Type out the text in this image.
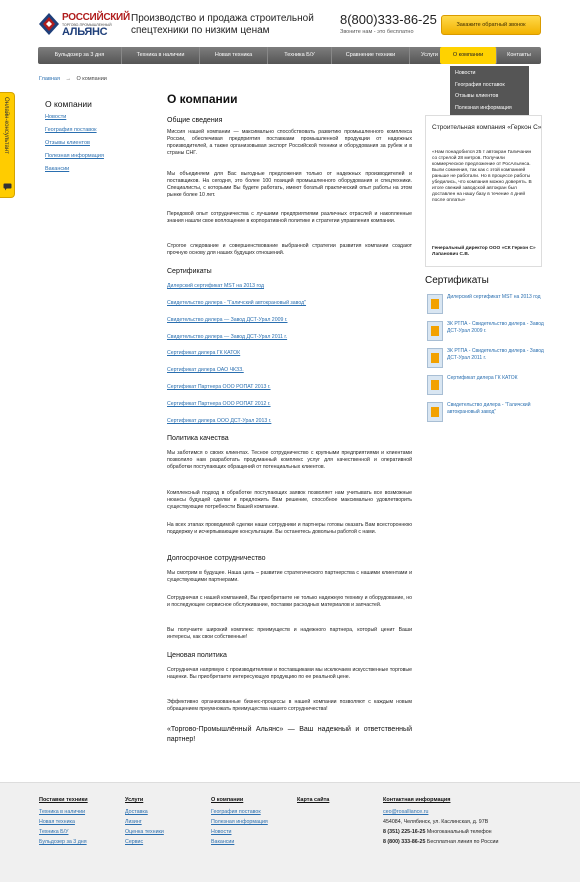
РОССИЙСКИЙ
ТОРГОВО-ПРОМЫШЛЕННЫЙ
АЛЬЯНС
Производство и продажа строительной спецтехники по низким ценам
8(800)333-86-25
Звоните нам - это бесплатно
Закажите обратный звонок
Бульдозер за 3 дня	Техника в наличии	Новая техника	Техника Б/У	Сравнение техники	Услуги	О компании	Контакты
Новости
География поставок
Отзывы клиентов
Полезная информация
Онлайн-консультант
Главная → О компании
О компании
Новости
География поставок
Отзывы клиентов
Полезная информация
Вакансии
О компании
Общие сведения
Миссия нашей компании — максимально способствовать развитию промышленного комплекса России, обеспечивая предприятия поставками промышленной продукции от надежных производителей, а также организовывая экспорт Российской техники и оборудования за рубеж и в страны СНГ.
Мы объединяем для Вас выгодные предложения только от надежных производителей и поставщиков. На сегодня, это более 100 позиций промышленного оборудования и спецтехники. Специалисты, с которыми Вы будете работать, имеют богатый практический опыт работы на этом рынке более 10 лет.
Передовой опыт сотрудничества с лучшими предприятиями различных отраслей и накопленные знания нашли свое воплощение в корпоративной политике и стратегии управления компании.
Строгое следование и совершенствование выбранной стратегии развития компании создают прочную основу для наших будущих отношений.
Сертификаты
Дилерский сертификат MST на 2013 год
Свидетельство дилера - "Галичский автокрановый завод"
Свидетельство дилера — Завод ДСТ-Урал 2009 г.
Свидетельство дилера — Завод ДСТ-Урал 2011 г.
Сертификат дилера ГК КАТОК
Сертификат дилера ОАО ЧКЗЗ.
Сертификат Партнера ООО РОПАТ 2013 г.
Сертификат Партнера ООО РОПАТ 2012 г.
Сертификат дилера ООО ДСТ-Урал 2013 г.
Политика качества
Мы заботимся о своих клиентах. Тесное сотрудничество с крупными предприятиями и клиентами позволило нам разработать продуманный комплекс услуг для качественной и оперативной обработки поступающих обращений от потенциальных клиентов.
Комплексный подход в обработке поступающих заявок позволяет нам учитывать все возможные нюансы будущей сделки и предложить Вам решение, способное максимально удовлетворить существующие потребности Вашей компании.
На всех этапах проводимой сделки наши сотрудники и партнеры готовы оказать Вам всестороннюю поддержку и исчерпывающие консультации. Вы останетесь довольны работой с нами.
Долгосрочное сотрудничество
Мы смотрим в будущее. Наша цель – развитие стратегического партнерства с нашими клиентами и существующими партнерами.
Сотрудничая с нашей компанией, Вы приобретаете не только надежную технику и оборудование, но и последующее сервисное обслуживание, поставки расходных материалов и запчастей.
Вы получаете широкий комплекс преимуществ и надежного партнера, который ценит Ваши интересы, как свои собственные!
Ценовая политика
Сотрудничая напрямую с производителями и поставщиками мы исключаем искусственные торговые наценки. Вы приобретаете интересующую продукцию по ее реальной цене.
Эффективно организованные бизнес-процессы в нашей компании позволяют с каждым новым обращением преумножать преимущества нашего сотрудничества!
«Торгово-Промышлённый Альянс» — Ваш надежный и ответственный партнер!
Строительная компания «Геркон С»
«Нам понадобился 25 т автокран Галичанин со стрелой 28 метров. Получили коммерческое предложение от РосАльянса. Были сомнения, так как с этой компанией раньше не работали. Но в процессе работы убедились, что компания можно доверять. В итоге свежий заводской автокран был доставлен на нашу базу в течение 4 дней после оплаты»
Генеральный директор ООО «СК Геркон С» Лапанович С.В.
Сертификаты
Дилерский сертификат MST на 2013 год
ЗК РТПА - Свидетельство дилера - Завод ДСТ-Урал 2009 г.
ЗК РТПА - Свидетельство дилера - Завод ДСТ-Урал 2011 г.
Сертификат дилера ГК КАТОК
Свидетельство дилера - "Галичский автокрановый завод"
Поставки техники
Техника в наличии
Новая техника
Техника Б/У
Бульдозер за 3 дня
Услуги
Доставка
Лизинг
Оценка техники
Сервис
О компании
География поставок
Полезная информация
Новости
Вакансии
Карта сайта	Контактная информация
ceo@rosalliance.ru
454084, Челябинск, ул. Каслинская, д. 97В
8 (351) 225-16-25 Многоканальный телефон
8 (800) 333-86-25 Бесплатная линия по России
